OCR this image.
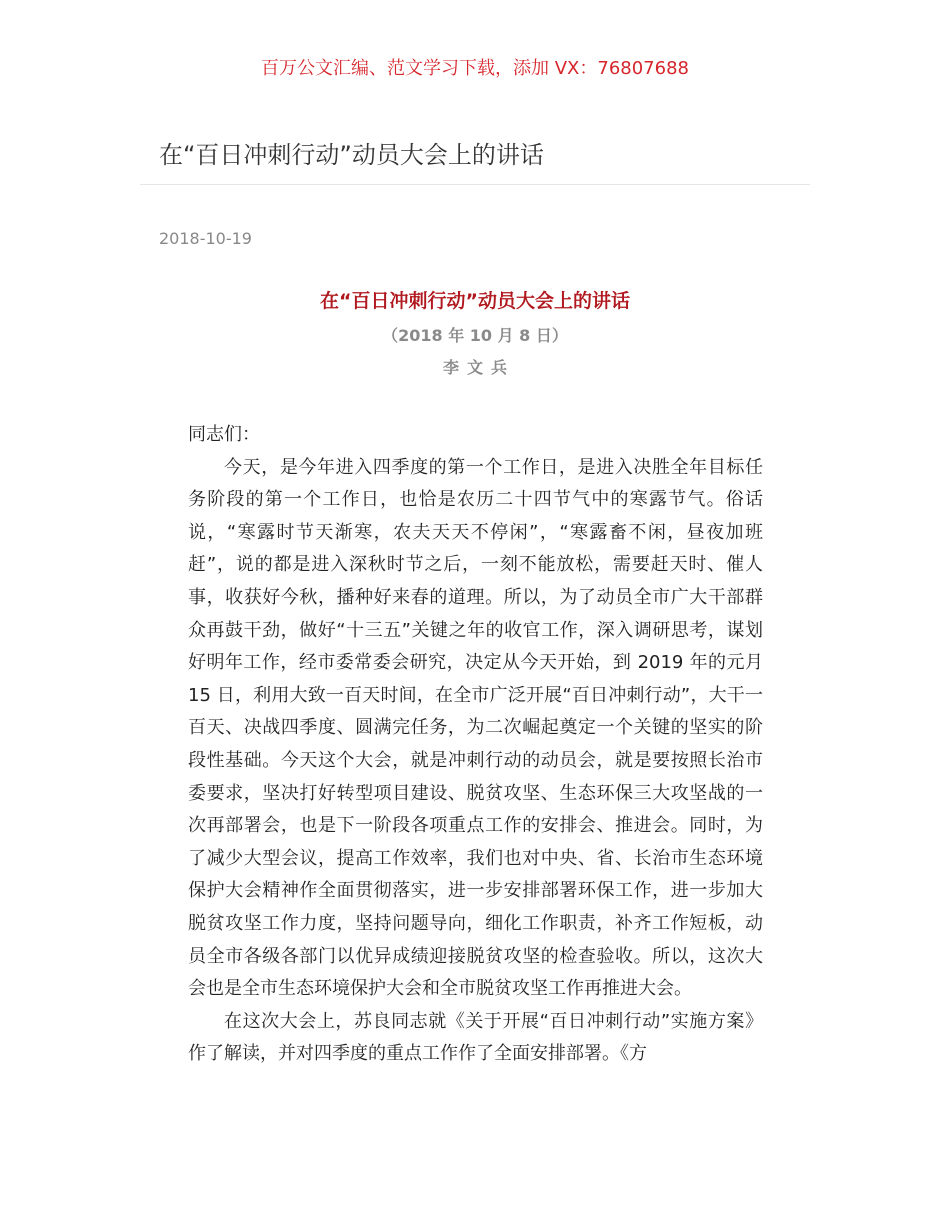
百万公文汇编、范文学习下载，添加 VX：76807688
在“百日冲刺行动”动员大会上的讲话
2018-10-19
在“百日冲刺行动”动员大会上的讲话
（2018 年 10 月 8 日）
李文兵

同志们：

今天，是今年进入四季度的第一个工作日，是进入决胜全年目标任务阶段的第一个工作日，也恰是农历二十四节气中的寒露节气。俗话说，“寒露时节天渐寒，农夫天天不停闲”，“寒露畜不闲，昼夜加班赶”，说的都是进入深秋时节之后，一刻不能放松，需要赶天时、催人事，收获好今秋，播种好来春的道理。所以，为了动员全市广大干部群众再鼓干劲，做好“十三五”关键之年的收官工作，深入调研思考，谋划好明年工作，经市委常委会研究，决定从今天开始，到 2019 年的元月 15 日，利用大致一百天时间，在全市广泛开展“百日冲刺行动”，大干一百天、决战四季度、圆满完任务，为二次崛起奠定一个关键的坚实的阶段性基础。今天这个大会，就是冲刺行动的动员会，就是要按照长治市委要求，坚决打好转型项目建设、脱贫攻坚、生态环保三大攻坚战的一次再部署会，也是下一阶段各项重点工作的安排会、推进会。同时，为了减少大型会议，提高工作效率，我们也对中央、省、长治市生态环境保护大会精神作全面贯彻落实，进一步安排部署环保工作，进一步加大脱贫攻坚工作力度，坚持问题导向，细化工作职责，补齐工作短板，动员全市各级各部门以优异成绩迎接脱贫攻坚的检查验收。所以，这次大会也是全市生态环境保护大会和全市脱贫攻坚工作再推进大会。

在这次大会上，苏良同志就《关于开展“百日冲刺行动”实施方案》作了解读，并对四季度的重点工作作了全面安排部署。《方
